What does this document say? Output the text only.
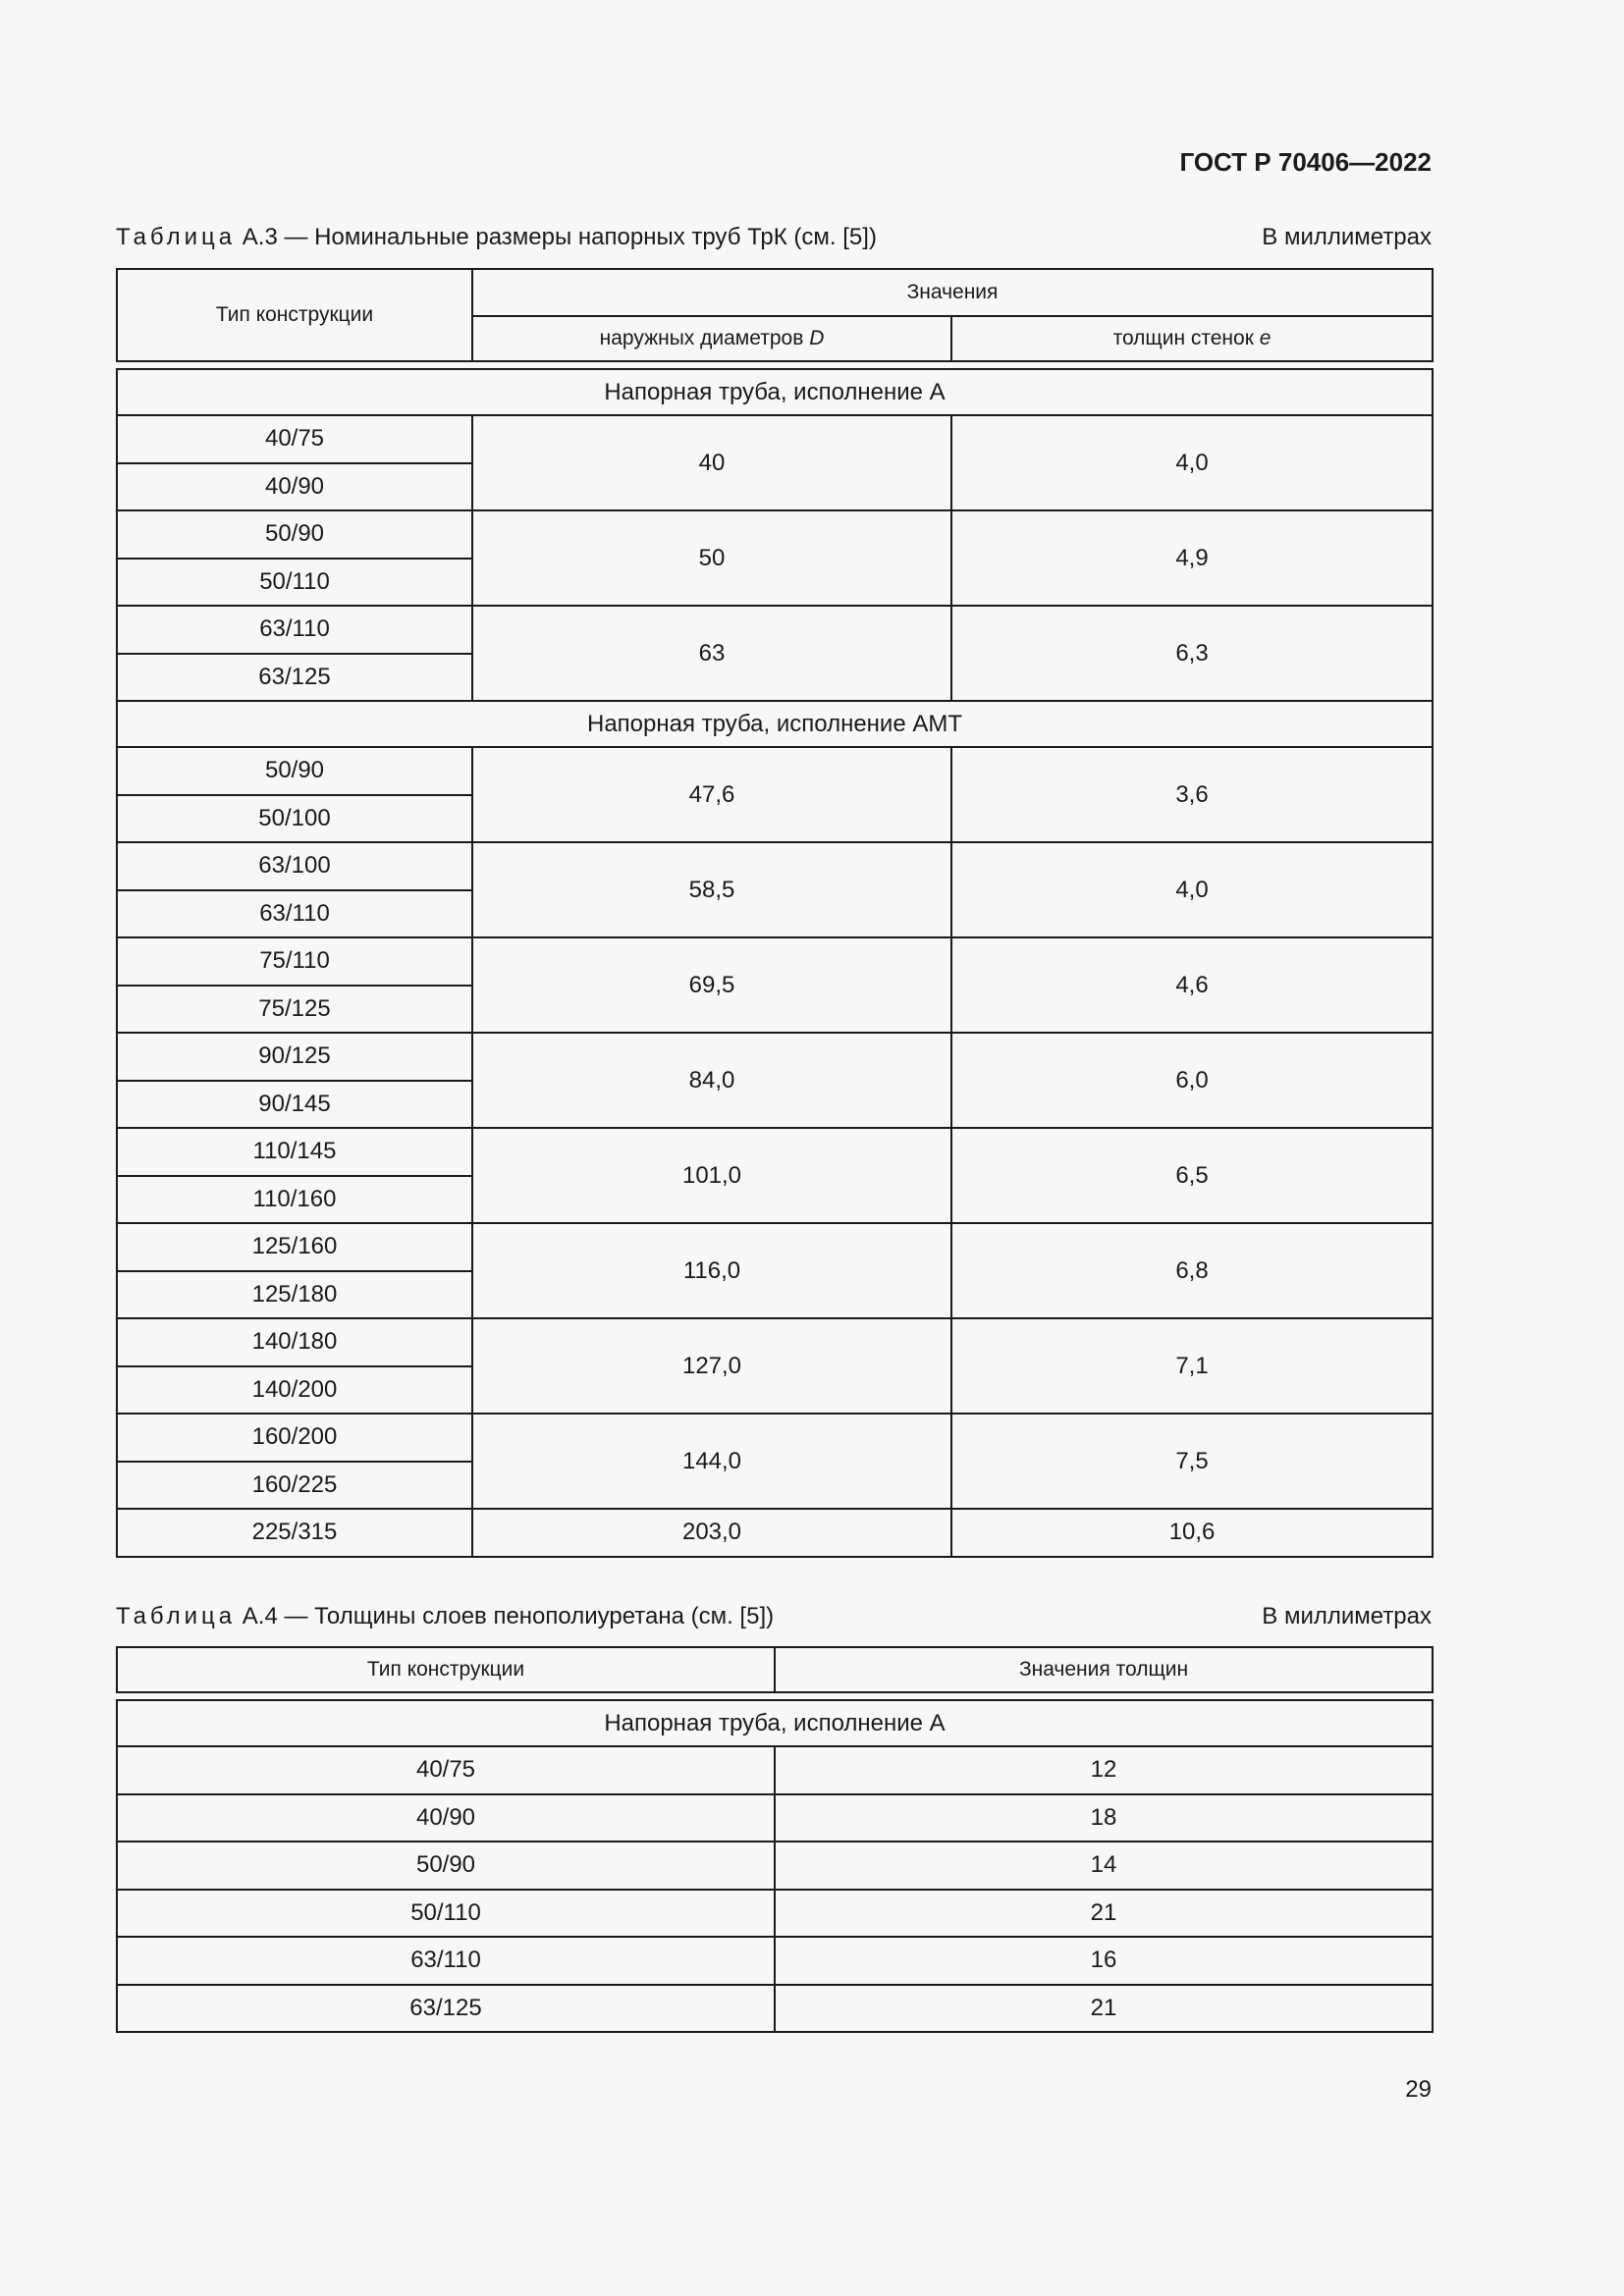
ГОСТ Р 70406—2022
Таблица А.3 — Номинальные размеры напорных труб ТрК (см. [5])	В миллиметрах
Тип конструкции	Значения	
	наружных диаметров D	толщин стенок e

Напорная труба, исполнение А		
40/75	40	4,0
40/90		
50/90	50	4,9
50/110		
63/110	63	6,3
63/125		
Напорная труба, исполнение АМТ		
50/90	47,6	3,6
50/100		
63/100	58,5	4,0
63/110		
75/110	69,5	4,6
75/125		
90/125	84,0	6,0
90/145		
110/145	101,0	6,5
110/160		
125/160	116,0	6,8
125/180		
140/180	127,0	7,1
140/200		
160/200	144,0	7,5
160/225		
225/315	203,0	10,6
Таблица А.4 — Толщины слоев пенополиуретана (см. [5])	В миллиметрах
Тип конструкции	Значения толщин

Напорная труба, исполнение А	
40/75	12
40/90	18
50/90	14
50/110	21
63/110	16
63/125	21
29
